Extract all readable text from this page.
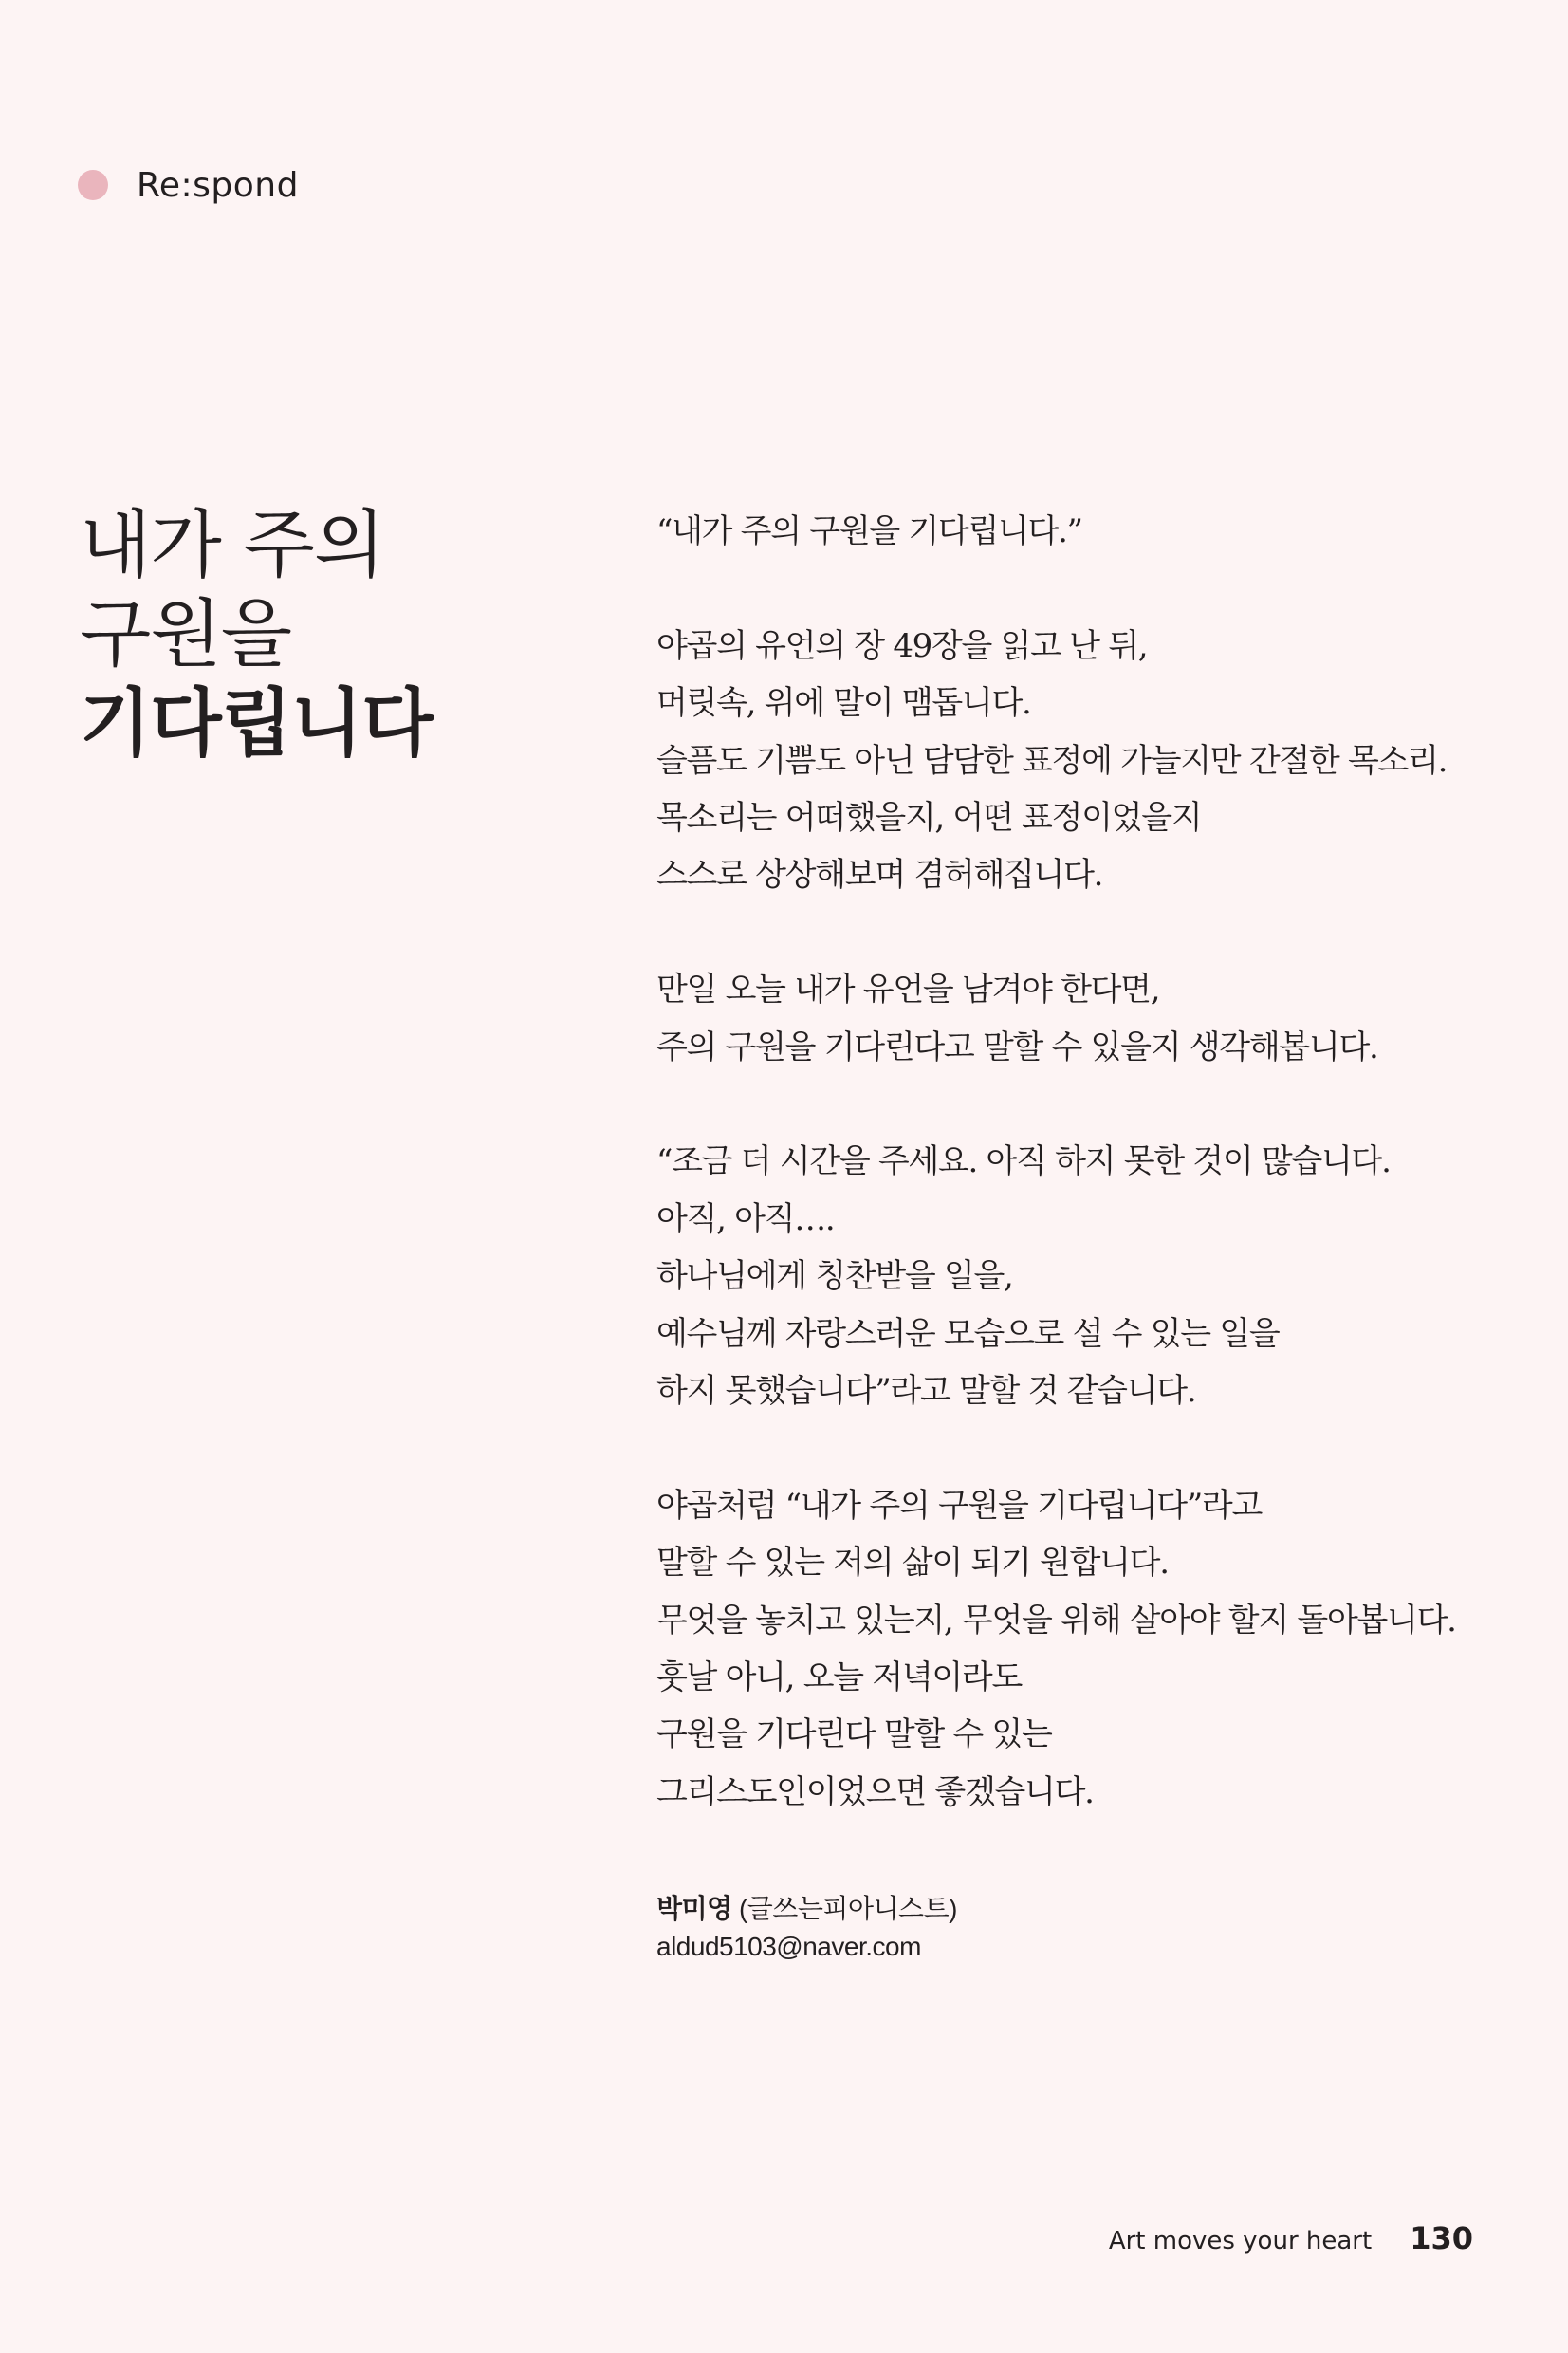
Re:spond
내가 주의
구원을
기다립니다
“내가 주의 구원을 기다립니다.”
야곱의 유언의 장 49장을 읽고 난 뒤,
머릿속, 위에 말이 맴돕니다.
슬픔도 기쁨도 아닌 담담한 표정에 가늘지만 간절한 목소리.
목소리는 어떠했을지, 어떤 표정이었을지
스스로 상상해보며 겸허해집니다.
만일 오늘 내가 유언을 남겨야 한다면,
주의 구원을 기다린다고 말할 수 있을지 생각해봅니다.
“조금 더 시간을 주세요. 아직 하지 못한 것이 많습니다.
아직, 아직….
하나님에게 칭찬받을 일을,
예수님께 자랑스러운 모습으로 설 수 있는 일을
하지 못했습니다”라고 말할 것 같습니다.
야곱처럼 “내가 주의 구원을 기다립니다”라고
말할 수 있는 저의 삶이 되기 원합니다.
무엇을 놓치고 있는지, 무엇을 위해 살아야 할지 돌아봅니다.
훗날 아니, 오늘 저녁이라도
구원을 기다린다 말할 수 있는
그리스도인이었으면 좋겠습니다.
박미영 (글쓰는피아니스트)
aldud5103@naver.com
Art moves your heart 130
